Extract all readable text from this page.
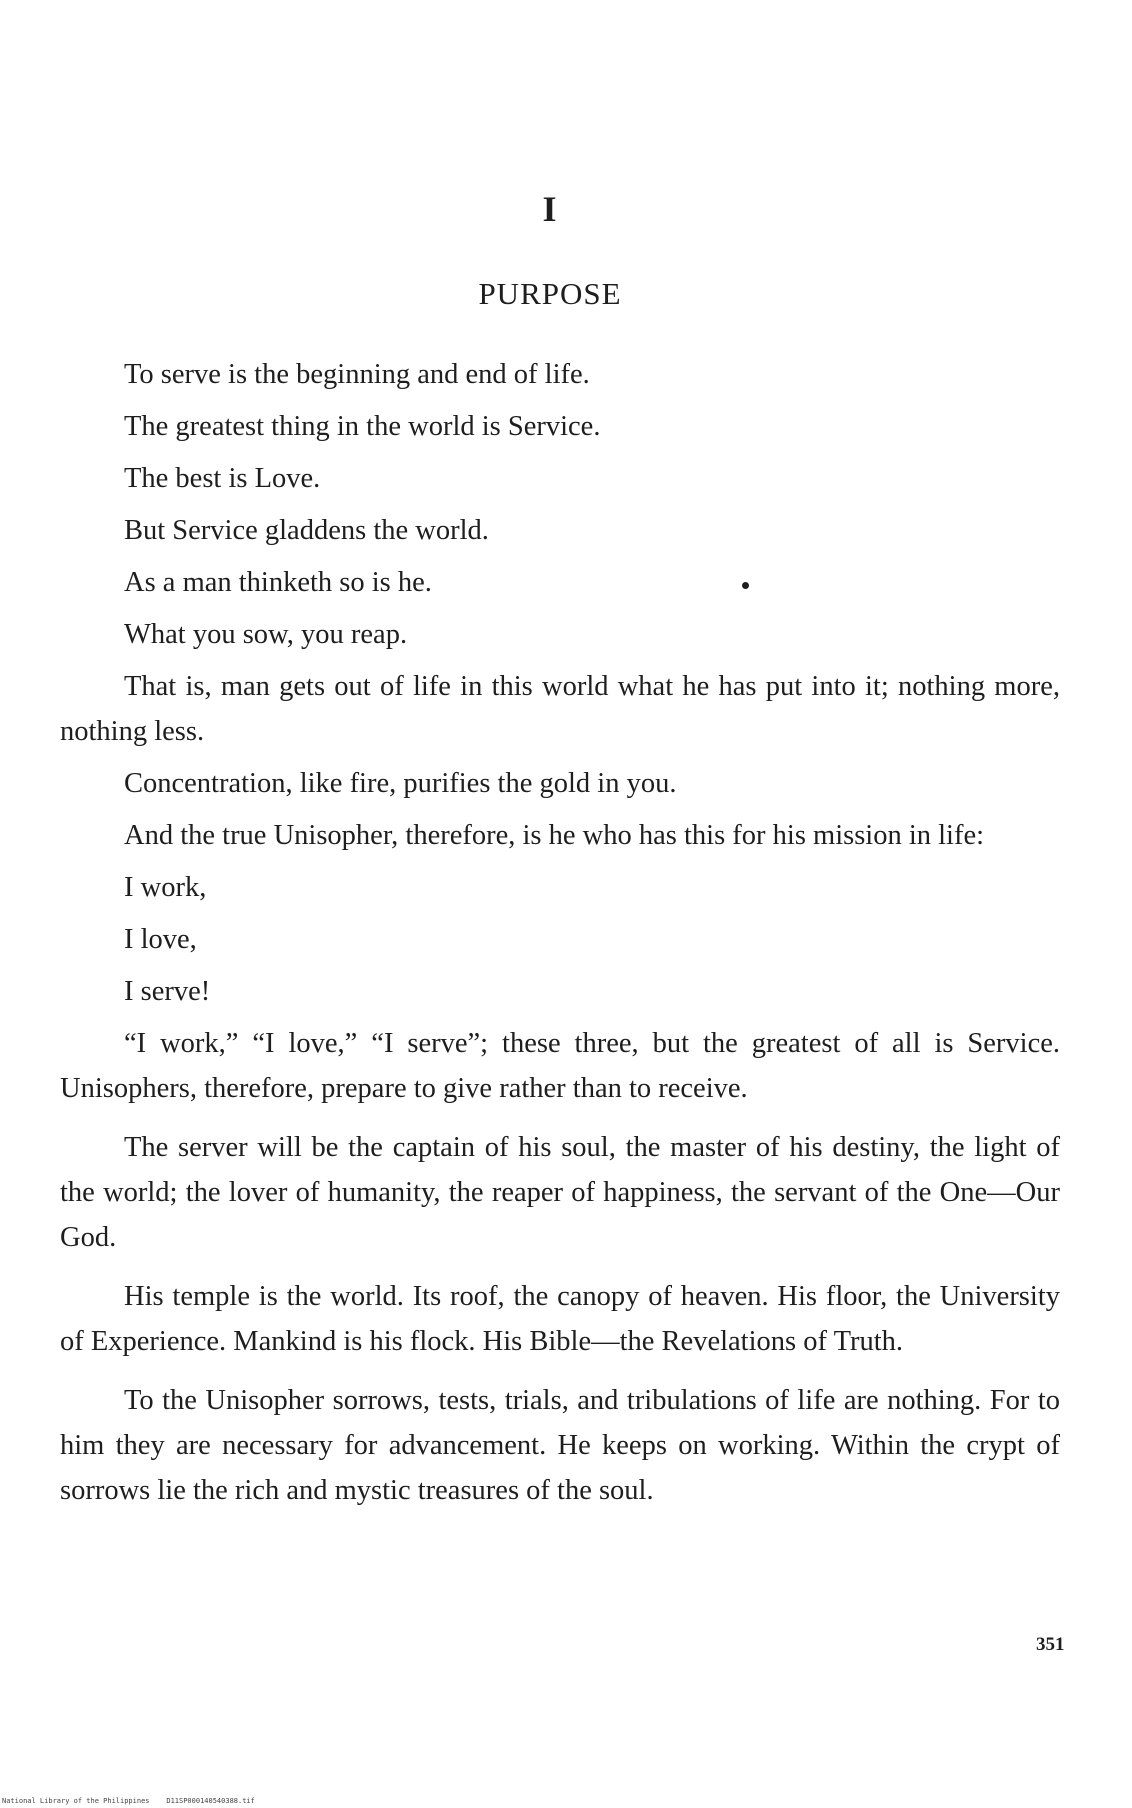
I
PURPOSE

To serve is the beginning and end of life.

The greatest thing in the world is Service.

The best is Love.

But Service gladdens the world.

As a man thinketh so is he.

What you sow, you reap.

That is, man gets out of life in this world what he has put into it; nothing more, nothing less.

Concentration, like fire, purifies the gold in you.

And the true Unisopher, therefore, is he who has this for his mission in life:

I work,

I love,

I serve!

“I work,” “I love,” “I serve”; these three, but the greatest of all is Service. Unisophers, therefore, prepare to give rather than to receive.

The server will be the captain of his soul, the master of his destiny, the light of the world; the lover of humanity, the reaper of happiness, the servant of the One—Our God.

His temple is the world. Its roof, the canopy of heaven. His floor, the University of Experience. Mankind is his flock. His Bible—the Revelations of Truth.

To the Unisopher sorrows, tests, trials, and tribulations of life are nothing. For to him they are necessary for advancement. He keeps on working. Within the crypt of sorrows lie the rich and mystic treasures of the soul.

351
National Library of the Philippines    D11SP000140540388.tif
